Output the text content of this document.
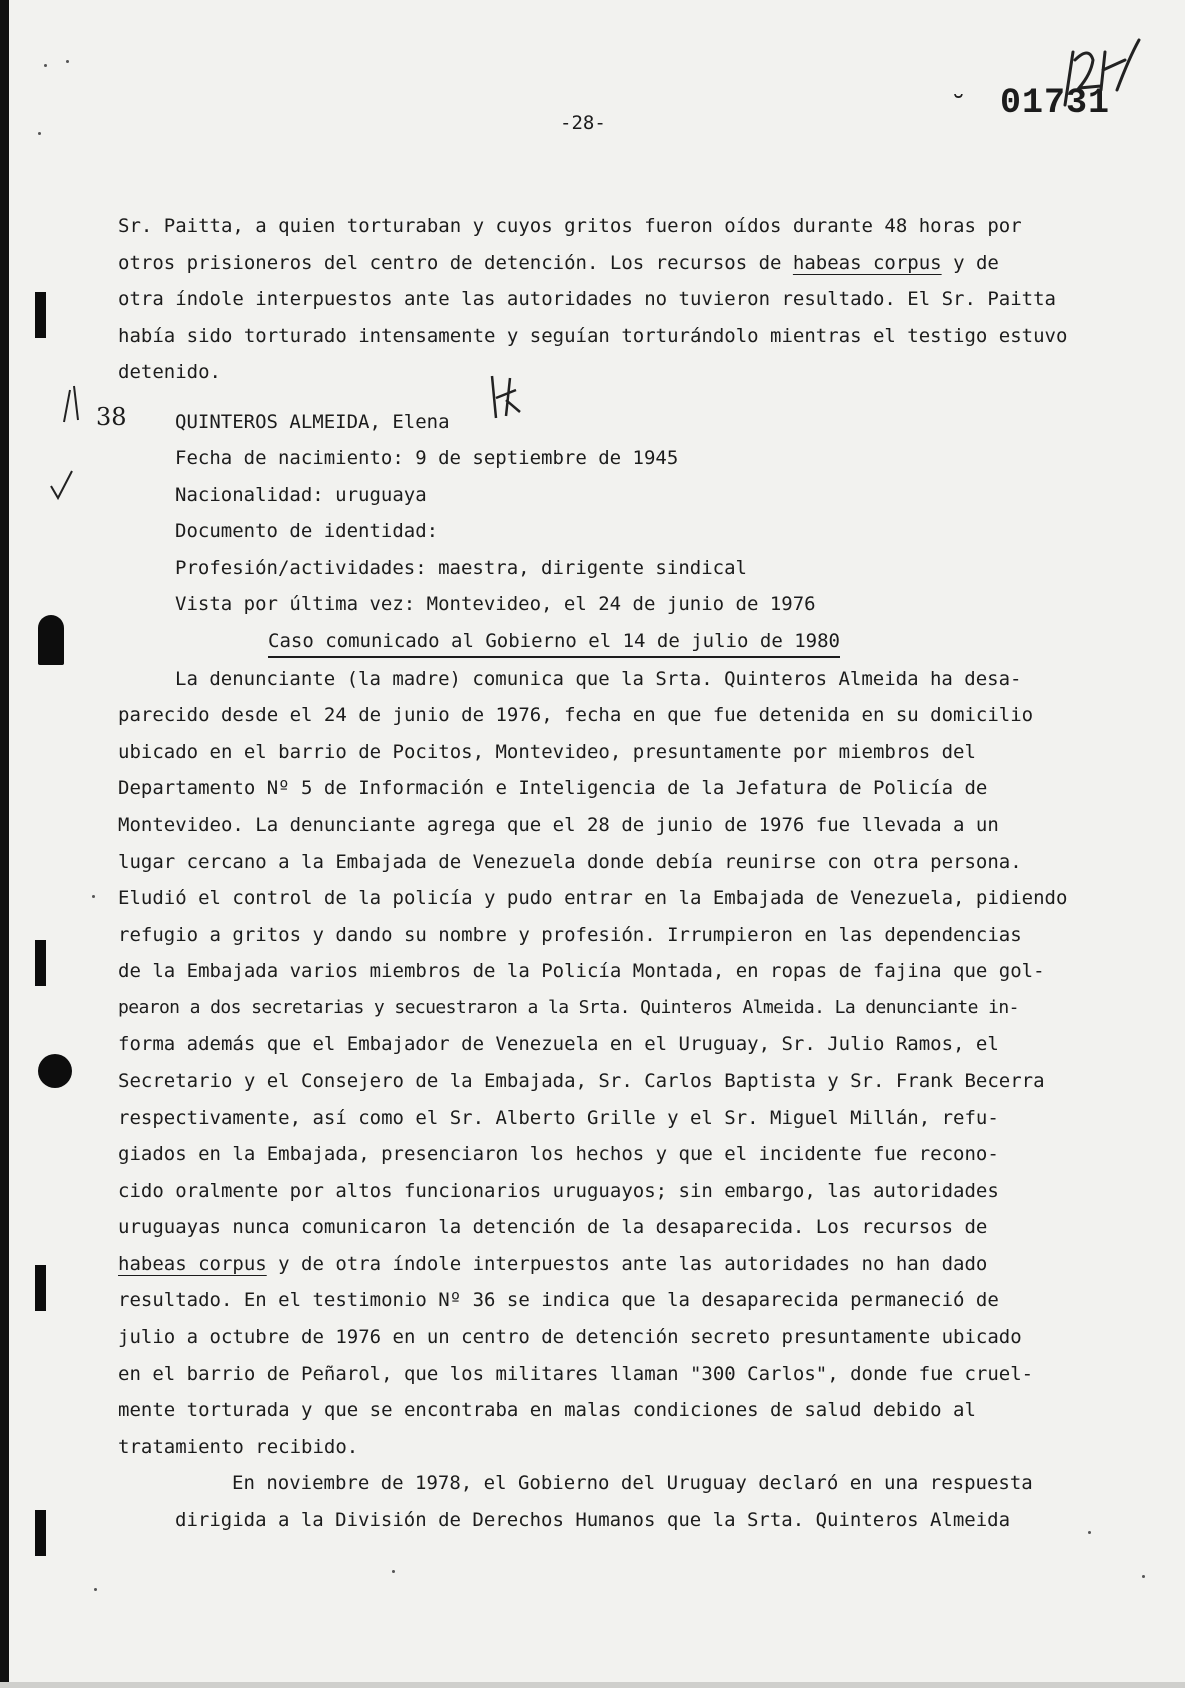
-28-	˘ 01731
Sr. Paitta, a quien torturaban y cuyos gritos fueron oídos durante 48 horas por
otros prisioneros del centro de detención. Los recursos de habeas corpus y de
otra índole interpuestos ante las autoridades no tuvieron resultado. El Sr. Paitta
había sido torturado intensamente y seguían torturándolo mientras el testigo estuvo
detenido.
38	QUINTEROS ALMEIDA, Elena
Fecha de nacimiento: 9 de septiembre de 1945
Nacionalidad: uruguaya
Documento de identidad:
Profesión/actividades: maestra, dirigente sindical
Vista por última vez: Montevideo, el 24 de junio de 1976
Caso comunicado al Gobierno el 14 de julio de 1980
La denunciante (la madre) comunica que la Srta. Quinteros Almeida ha desa-
parecido desde el 24 de junio de 1976, fecha en que fue detenida en su domicilio
ubicado en el barrio de Pocitos, Montevideo, presuntamente por miembros del
Departamento Nº 5 de Información e Inteligencia de la Jefatura de Policía de
Montevideo. La denunciante agrega que el 28 de junio de 1976 fue llevada a un
lugar cercano a la Embajada de Venezuela donde debía reunirse con otra persona.
Eludió el control de la policía y pudo entrar en la Embajada de Venezuela, pidiendo
refugio a gritos y dando su nombre y profesión. Irrumpieron en las dependencias
de la Embajada varios miembros de la Policía Montada, en ropas de fajina que gol-
pearon a dos secretarias y secuestraron a la Srta. Quinteros Almeida. La denunciante in-
forma además que el Embajador de Venezuela en el Uruguay, Sr. Julio Ramos, el
Secretario y el Consejero de la Embajada, Sr. Carlos Baptista y Sr. Frank Becerra
respectivamente, así como el Sr. Alberto Grille y el Sr. Miguel Millán, refu-
giados en la Embajada, presenciaron los hechos y que el incidente fue recono-
cido oralmente por altos funcionarios uruguayos; sin embargo, las autoridades
uruguayas nunca comunicaron la detención de la desaparecida. Los recursos de
habeas corpus y de otra índole interpuestos ante las autoridades no han dado
resultado. En el testimonio Nº 36 se indica que la desaparecida permaneció de
julio a octubre de 1976 en un centro de detención secreto presuntamente ubicado
en el barrio de Peñarol, que los militares llaman "300 Carlos", donde fue cruel-
mente torturada y que se encontraba en malas condiciones de salud debido al
tratamiento recibido.
En noviembre de 1978, el Gobierno del Uruguay declaró en una respuesta
dirigida a la División de Derechos Humanos que la Srta. Quinteros Almeida
